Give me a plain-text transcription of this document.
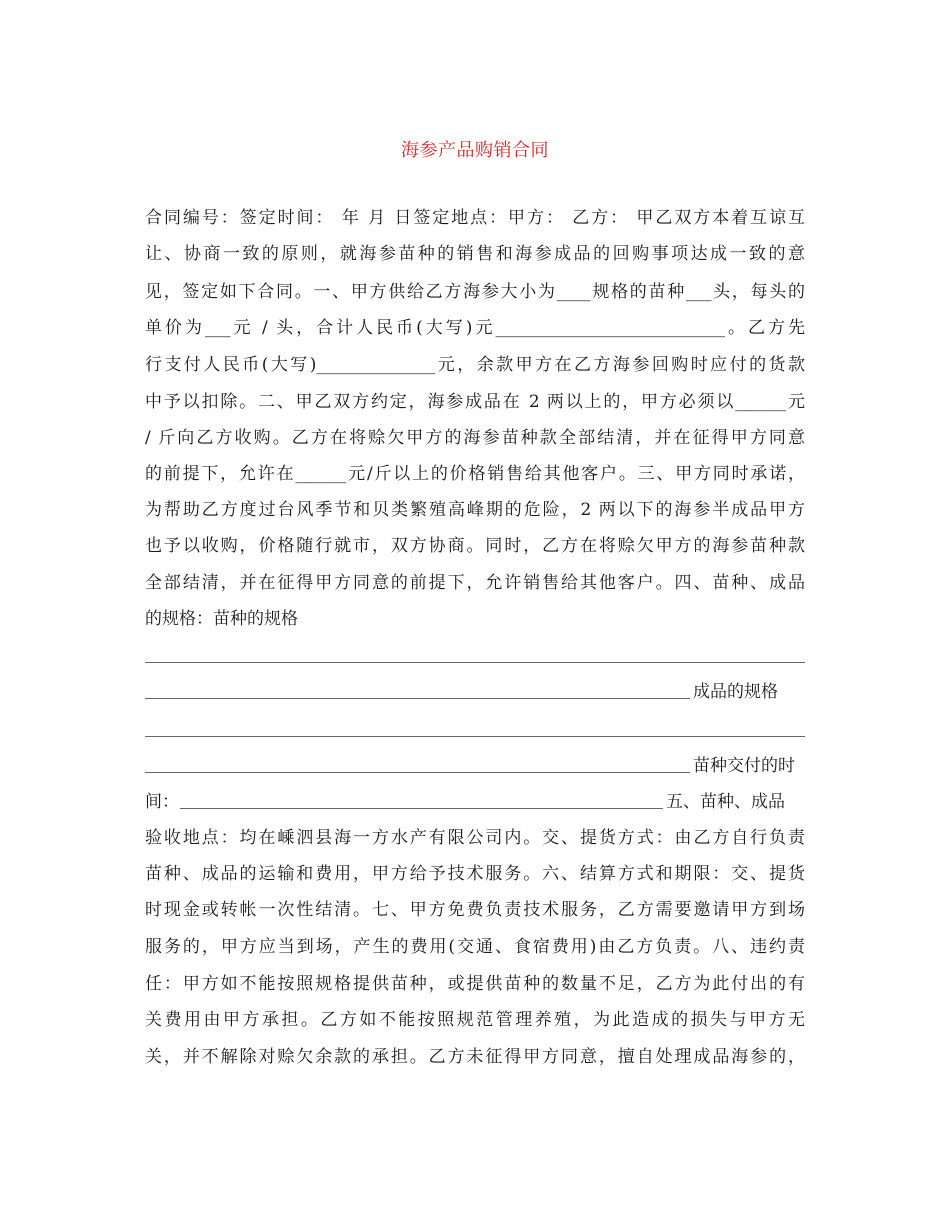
海参产品购销合同
合同编号：签定时间： 年 月 日签定地点：甲方： 乙方： 甲乙双方本着互谅互
让、协商一致的原则，就海参苗种的销售和海参成品的回购事项达成一致的意
见，签定如下合同。一、甲方供给乙方海参大小为____规格的苗种___头，每头的
单价为___元 / 头，合计人民币(大写)元___________________________。乙方先
行支付人民币(大写)______________元，余款甲方在乙方海参回购时应付的货款
中予以扣除。二、甲乙双方约定，海参成品在 2 两以上的，甲方必须以______元
/ 斤向乙方收购。乙方在将赊欠甲方的海参苗种款全部结清，并在征得甲方同意
的前提下，允许在______元/斤以上的价格销售给其他客户。三、甲方同时承诺，
为帮助乙方度过台风季节和贝类繁殖高峰期的危险，2 两以下的海参半成品甲方
也予以收购，价格随行就市，双方协商。同时，乙方在将赊欠甲方的海参苗种款
全部结清，并在征得甲方同意的前提下，允许销售给其他客户。四、苗种、成品
的规格：苗种的规格
成品的规格
苗种交付的时
间：	五、苗种、成品
验收地点：均在嵊泗县海一方水产有限公司内。交、提货方式：由乙方自行负责
苗种、成品的运输和费用，甲方给予技术服务。六、结算方式和期限：交、提货
时现金或转帐一次性结清。七、甲方免费负责技术服务，乙方需要邀请甲方到场
服务的，甲方应当到场，产生的费用(交通、食宿费用)由乙方负责。八、违约责
任：甲方如不能按照规格提供苗种，或提供苗种的数量不足，乙方为此付出的有
关费用由甲方承担。乙方如不能按照规范管理养殖，为此造成的损失与甲方无
关，并不解除对赊欠余款的承担。乙方未征得甲方同意，擅自处理成品海参的，
